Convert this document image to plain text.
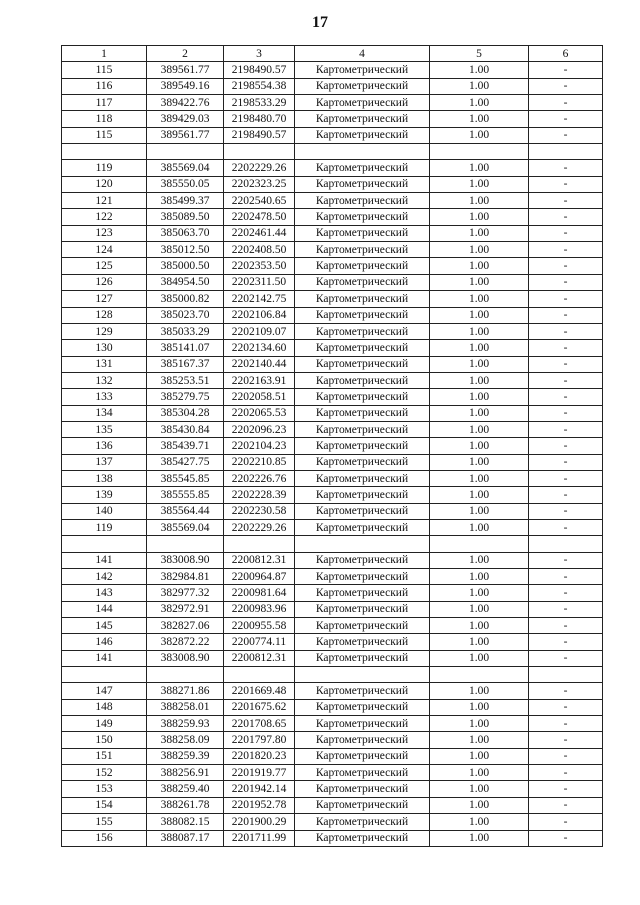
17
1	2	3	4	5	6
115	389561.77	2198490.57	Картометрический	1.00	-
116	389549.16	2198554.38	Картометрический	1.00	-
117	389422.76	2198533.29	Картометрический	1.00	-
118	389429.03	2198480.70	Картометрический	1.00	-
115	389561.77	2198490.57	Картометрический	1.00	-

119	385569.04	2202229.26	Картометрический	1.00	-
120	385550.05	2202323.25	Картометрический	1.00	-
121	385499.37	2202540.65	Картометрический	1.00	-
122	385089.50	2202478.50	Картометрический	1.00	-
123	385063.70	2202461.44	Картометрический	1.00	-
124	385012.50	2202408.50	Картометрический	1.00	-
125	385000.50	2202353.50	Картометрический	1.00	-
126	384954.50	2202311.50	Картометрический	1.00	-
127	385000.82	2202142.75	Картометрический	1.00	-
128	385023.70	2202106.84	Картометрический	1.00	-
129	385033.29	2202109.07	Картометрический	1.00	-
130	385141.07	2202134.60	Картометрический	1.00	-
131	385167.37	2202140.44	Картометрический	1.00	-
132	385253.51	2202163.91	Картометрический	1.00	-
133	385279.75	2202058.51	Картометрический	1.00	-
134	385304.28	2202065.53	Картометрический	1.00	-
135	385430.84	2202096.23	Картометрический	1.00	-
136	385439.71	2202104.23	Картометрический	1.00	-
137	385427.75	2202210.85	Картометрический	1.00	-
138	385545.85	2202226.76	Картометрический	1.00	-
139	385555.85	2202228.39	Картометрический	1.00	-
140	385564.44	2202230.58	Картометрический	1.00	-
119	385569.04	2202229.26	Картометрический	1.00	-

141	383008.90	2200812.31	Картометрический	1.00	-
142	382984.81	2200964.87	Картометрический	1.00	-
143	382977.32	2200981.64	Картометрический	1.00	-
144	382972.91	2200983.96	Картометрический	1.00	-
145	382827.06	2200955.58	Картометрический	1.00	-
146	382872.22	2200774.11	Картометрический	1.00	-
141	383008.90	2200812.31	Картометрический	1.00	-

147	388271.86	2201669.48	Картометрический	1.00	-
148	388258.01	2201675.62	Картометрический	1.00	-
149	388259.93	2201708.65	Картометрический	1.00	-
150	388258.09	2201797.80	Картометрический	1.00	-
151	388259.39	2201820.23	Картометрический	1.00	-
152	388256.91	2201919.77	Картометрический	1.00	-
153	388259.40	2201942.14	Картометрический	1.00	-
154	388261.78	2201952.78	Картометрический	1.00	-
155	388082.15	2201900.29	Картометрический	1.00	-
156	388087.17	2201711.99	Картометрический	1.00	-
